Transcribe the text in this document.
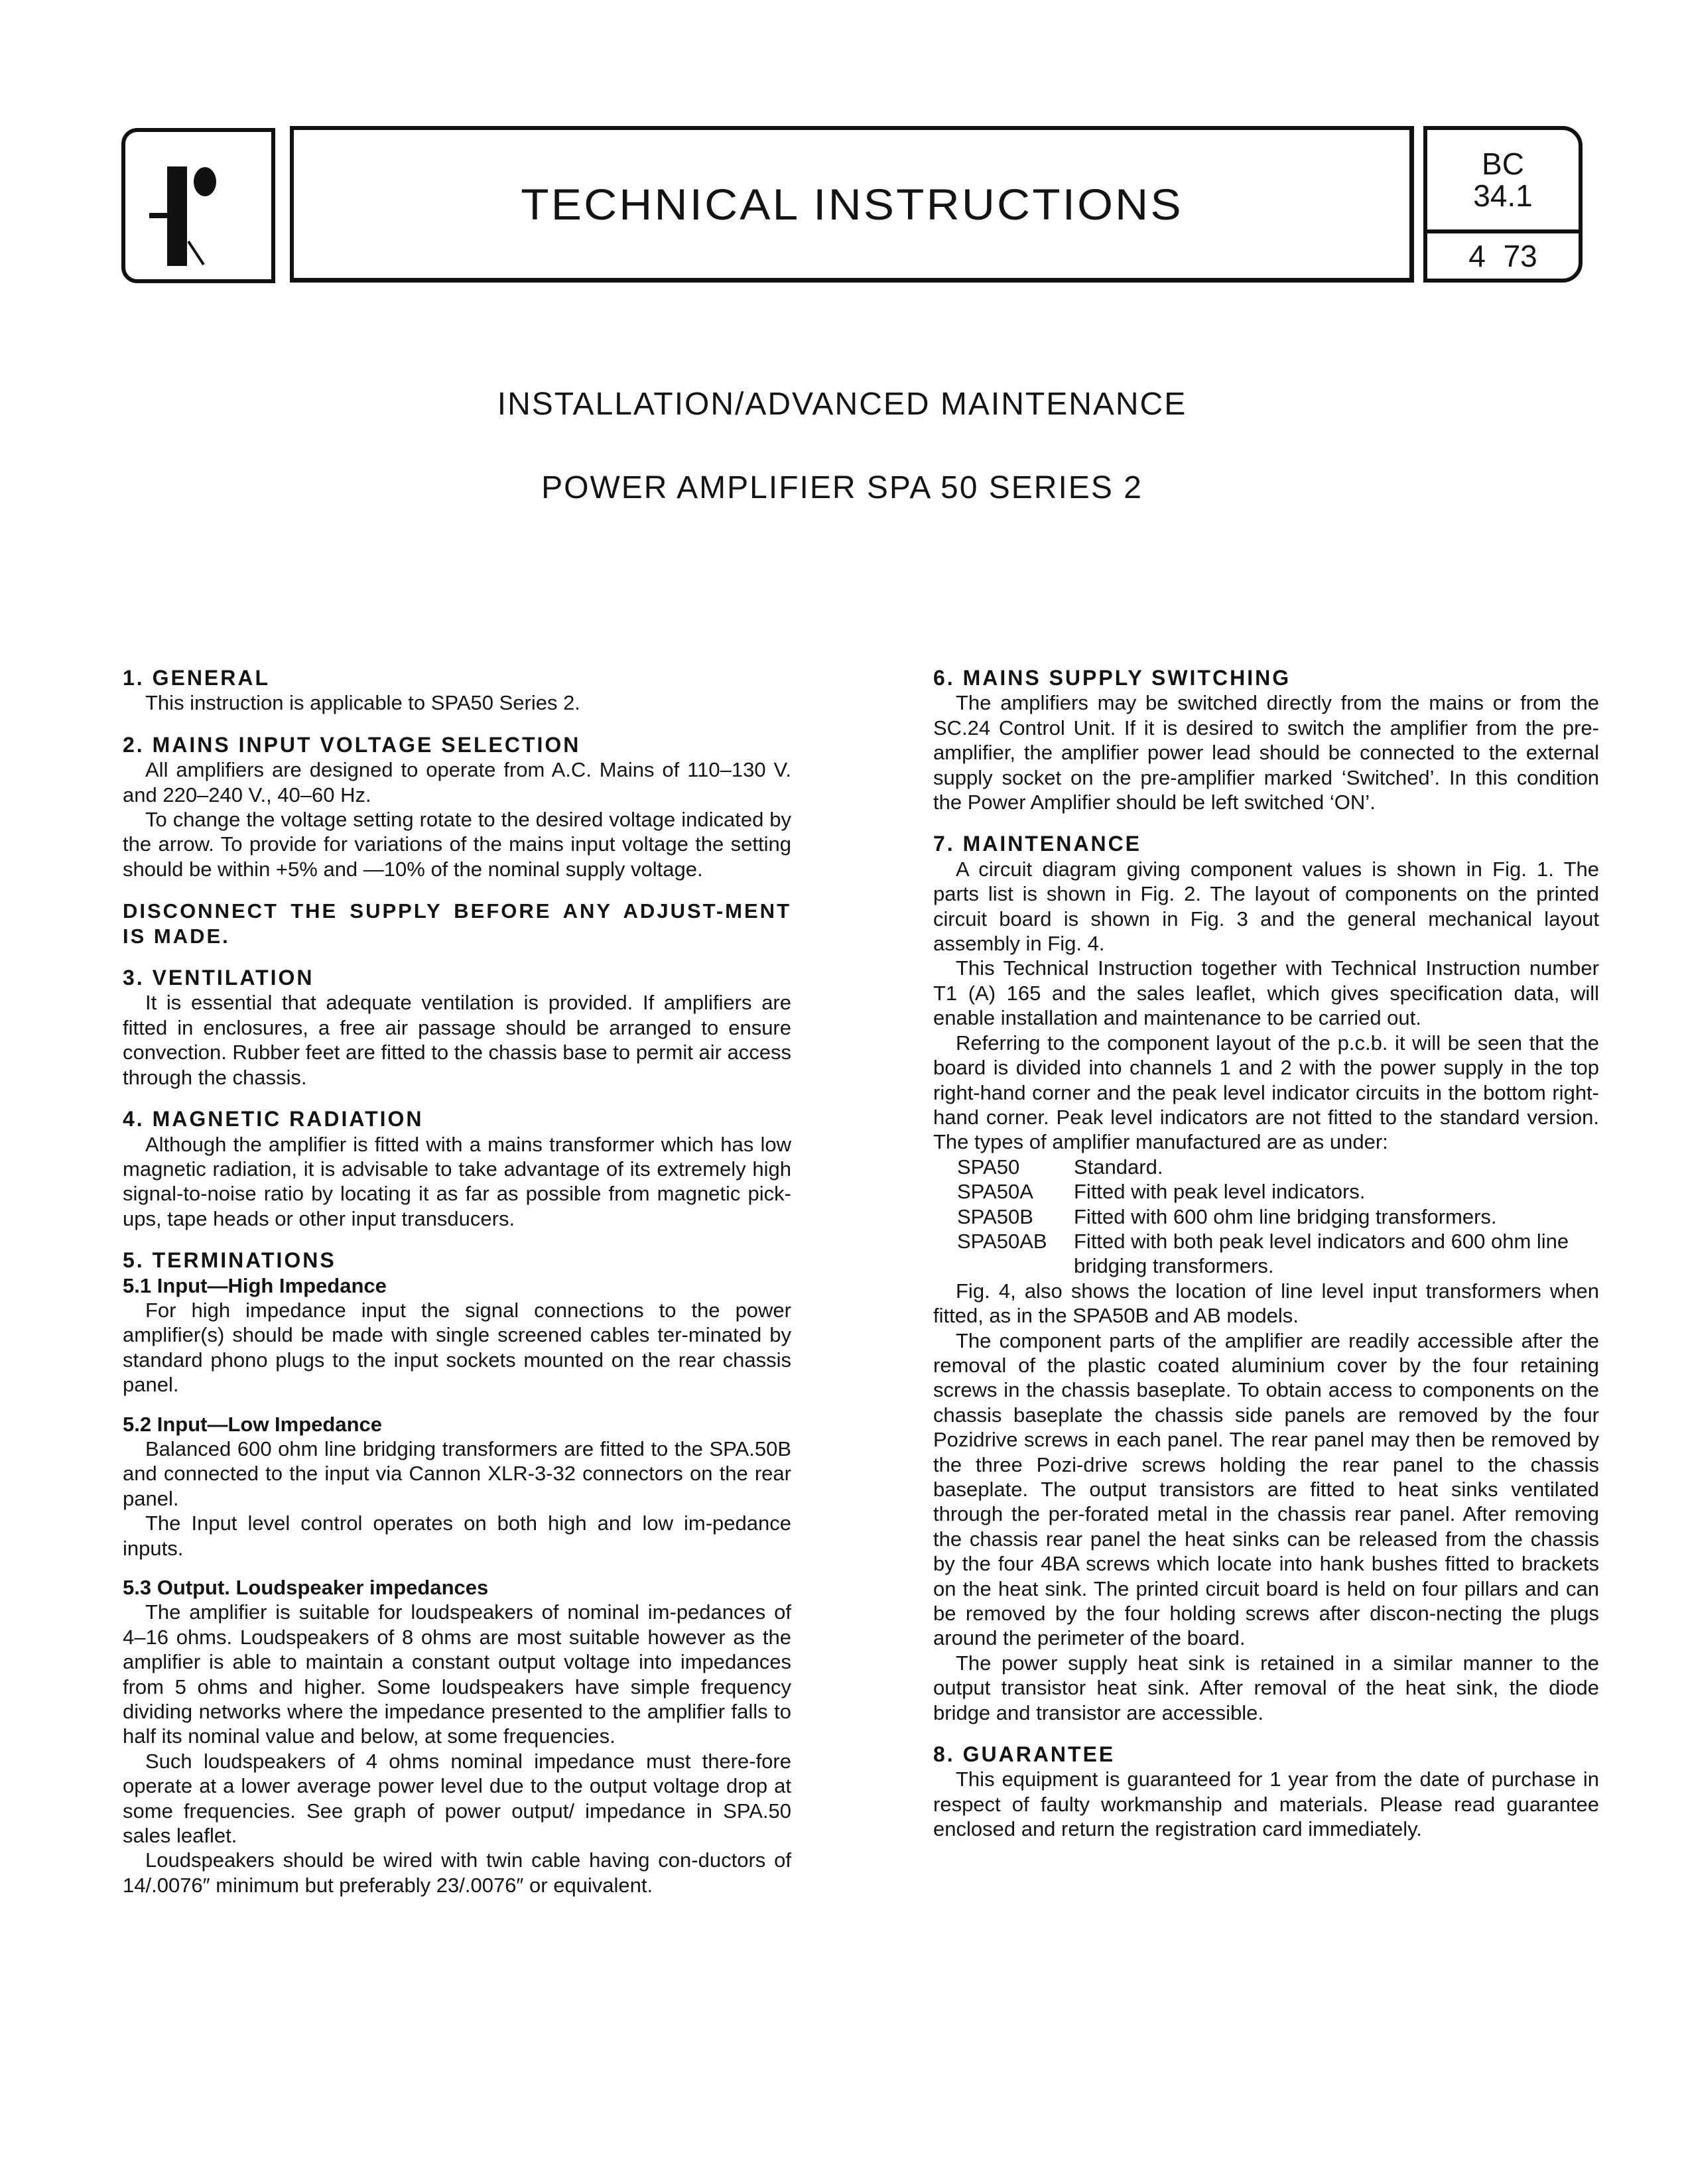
TECHNICAL INSTRUCTIONS
BC
34.1
4 73
INSTALLATION/ADVANCED MAINTENANCE
POWER AMPLIFIER SPA 50 SERIES 2
1. GENERAL

This instruction is applicable to SPA50 Series 2.

2. MAINS INPUT VOLTAGE SELECTION

All amplifiers are designed to operate from A.C. Mains of 110–130 V. and 220–240 V., 40–60 Hz.

To change the voltage setting rotate to the desired voltage indicated by the arrow. To provide for variations of the mains input voltage the setting should be within +5% and —10% of the nominal supply voltage.

DISCONNECT THE SUPPLY BEFORE ANY ADJUST-MENT IS MADE.
3. VENTILATION

It is essential that adequate ventilation is provided. If amplifiers are fitted in enclosures, a free air passage should be arranged to ensure convection. Rubber feet are fitted to the chassis base to permit air access through the chassis.

4. MAGNETIC RADIATION

Although the amplifier is fitted with a mains transformer which has low magnetic radiation, it is advisable to take advantage of its extremely high signal-to-noise ratio by locating it as far as possible from magnetic pick-ups, tape heads or other input transducers.

5. TERMINATIONS
5.1 Input—High Impedance

For high impedance input the signal connections to the power amplifier(s) should be made with single screened cables ter-minated by standard phono plugs to the input sockets mounted on the rear chassis panel.

5.2 Input—Low Impedance

Balanced 600 ohm line bridging transformers are fitted to the SPA.50B and connected to the input via Cannon XLR-3-32 connectors on the rear panel.

The Input level control operates on both high and low im-pedance inputs.

5.3 Output. Loudspeaker impedances

The amplifier is suitable for loudspeakers of nominal im-pedances of 4–16 ohms. Loudspeakers of 8 ohms are most suitable however as the amplifier is able to maintain a constant output voltage into impedances from 5 ohms and higher. Some loudspeakers have simple frequency dividing networks where the impedance presented to the amplifier falls to half its nominal value and below, at some frequencies.

Such loudspeakers of 4 ohms nominal impedance must there-fore operate at a lower average power level due to the output voltage drop at some frequencies. See graph of power output/ impedance in SPA.50 sales leaflet.

Loudspeakers should be wired with twin cable having con-ductors of 14/.0076″ minimum but preferably 23/.0076″ or equivalent.

6. MAINS SUPPLY SWITCHING

The amplifiers may be switched directly from the mains or from the SC.24 Control Unit. If it is desired to switch the amplifier from the pre-amplifier, the amplifier power lead should be connected to the external supply socket on the pre-amplifier marked ‘Switched’. In this condition the Power Amplifier should be left switched ‘ON’.

7. MAINTENANCE

A circuit diagram giving component values is shown in Fig. 1. The parts list is shown in Fig. 2. The layout of components on the printed circuit board is shown in Fig. 3 and the general mechanical layout assembly in Fig. 4.

This Technical Instruction together with Technical Instruction number T1 (A) 165 and the sales leaflet, which gives specification data, will enable installation and maintenance to be carried out.

Referring to the component layout of the p.c.b. it will be seen that the board is divided into channels 1 and 2 with the power supply in the top right-hand corner and the peak level indicator circuits in the bottom right-hand corner. Peak level indicators are not fitted to the standard version. The types of amplifier manufactured are as under:

SPA50	Standard.
SPA50A	Fitted with peak level indicators.
SPA50B	Fitted with 600 ohm line bridging transformers.
SPA50AB	Fitted with both peak level indicators and 600 ohm line bridging transformers.

Fig. 4, also shows the location of line level input transformers when fitted, as in the SPA50B and AB models.

The component parts of the amplifier are readily accessible after the removal of the plastic coated aluminium cover by the four retaining screws in the chassis baseplate. To obtain access to components on the chassis baseplate the chassis side panels are removed by the four Pozidrive screws in each panel. The rear panel may then be removed by the three Pozi-drive screws holding the rear panel to the chassis baseplate. The output transistors are fitted to heat sinks ventilated through the per-forated metal in the chassis rear panel. After removing the chassis rear panel the heat sinks can be released from the chassis by the four 4BA screws which locate into hank bushes fitted to brackets on the heat sink. The printed circuit board is held on four pillars and can be removed by the four holding screws after discon-necting the plugs around the perimeter of the board.

The power supply heat sink is retained in a similar manner to the output transistor heat sink. After removal of the heat sink, the diode bridge and transistor are accessible.

8. GUARANTEE

This equipment is guaranteed for 1 year from the date of purchase in respect of faulty workmanship and materials. Please read guarantee enclosed and return the registration card immediately.
